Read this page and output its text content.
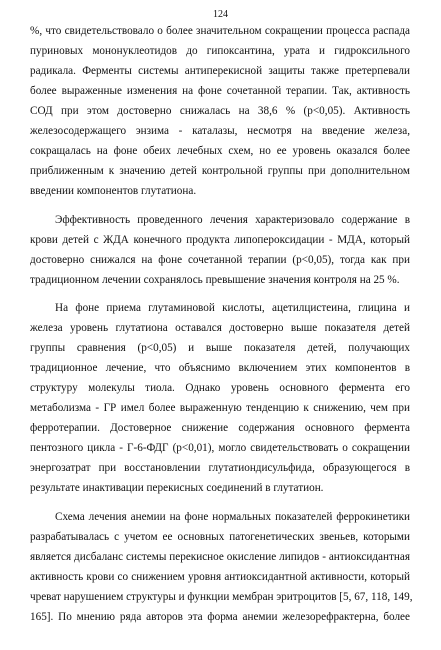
124
%, что свидетельствовало о более значительном сокращении процесса распада
пуриновых мононуклеотидов до гипоксантина, урата и гидроксильного
радикала. Ферменты системы антиперекисной защиты также претерпевали
более выраженные изменения на фоне сочетанной терапии. Так, активность
СОД при этом достоверно снижалась на 38,6 % (p<0,05). Активность
железосодержащего энзима - каталазы, несмотря на введение железа,
сокращалась на фоне обеих лечебных схем, но ее уровень оказался более
приближенным к значению детей контрольной группы при дополнительном
введении компонентов глутатиона.
Эффективность проведенного лечения характеризовало содержание в
крови детей с ЖДА конечного продукта липопероксидации - МДА, который
достоверно снижался на фоне сочетанной терапии (p<0,05), тогда как при
традиционном лечении сохранялось превышение значения контроля на 25 %.
На фоне приема глутаминовой кислоты, ацетилцистеина, глицина и
железа уровень глутатиона оставался достоверно выше показателя детей
группы сравнения (p<0,05) и выше показателя детей, получающих
традиционное лечение, что объяснимо включением этих компонентов в
структуру молекулы тиола. Однако уровень основного фермента его
метаболизма - ГР имел более выраженную тенденцию к снижению, чем при
ферротерапии. Достоверное снижение содержания основного фермента
пентозного цикла - Г-6-ФДГ (p<0,01), могло свидетельствовать о сокращении
энергозатрат при восстановлении глутатиондисульфида, образующегося в
результате инактивации перекисных соединений в глутатион.
Схема лечения анемии на фоне нормальных показателей феррокинетики
разрабатывалась с учетом ее основных патогенетических звеньев, которыми
является дисбаланс системы перекисное окисление липидов - антиоксидантная
активность крови со снижением уровня антиоксидантной активности, который
чреват нарушением структуры и функции мембран эритроцитов [5, 67, 118, 149,
165]. По мнению ряда авторов эта форма анемии железорефрактерна, более
